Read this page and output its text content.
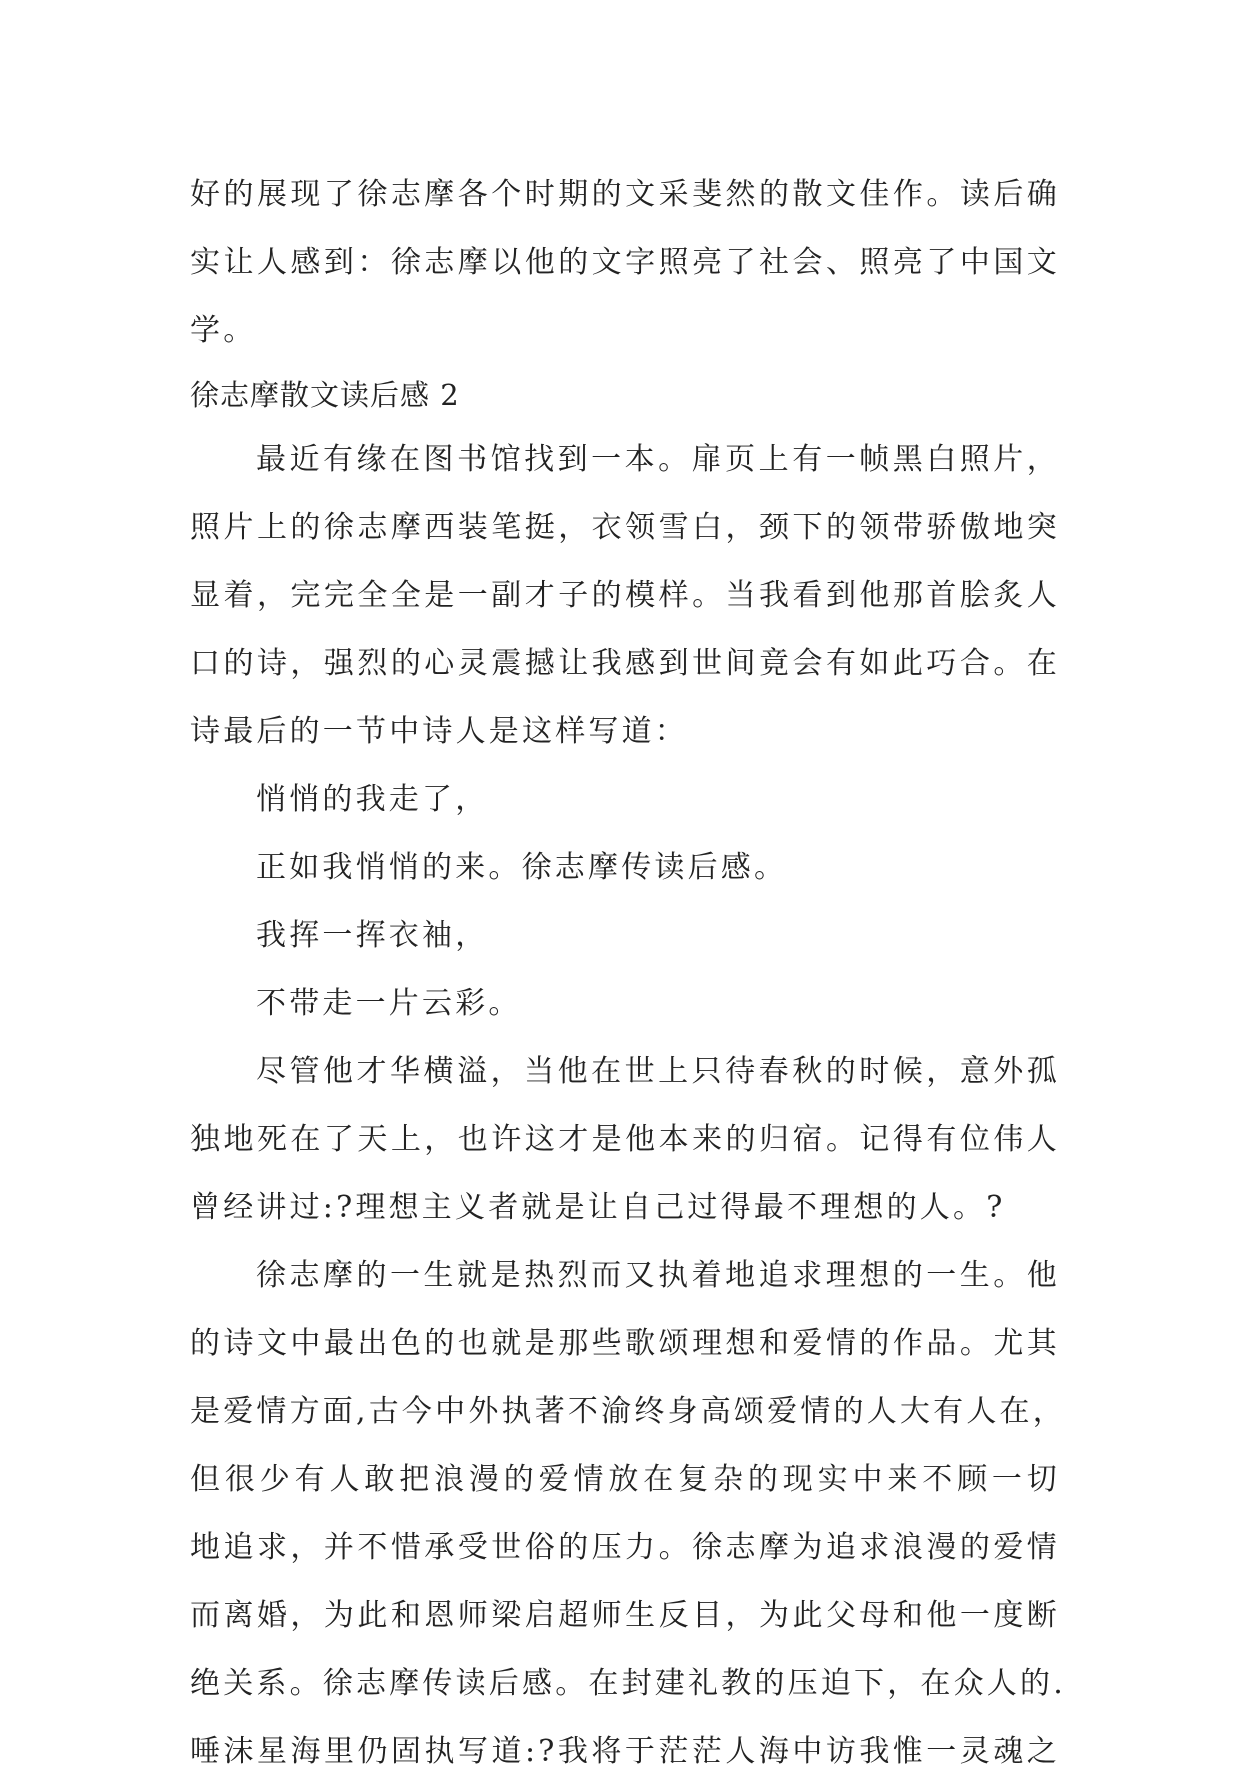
好的展现了徐志摩各个时期的文采斐然的散文佳作。读后确
实让人感到：徐志摩以他的文字照亮了社会、照亮了中国文
学。
徐志摩散文读后感 2
最近有缘在图书馆找到一本。扉页上有一帧黑白照片，
照片上的徐志摩西装笔挺，衣领雪白，颈下的领带骄傲地突
显着，完完全全是一副才子的模样。当我看到他那首脍炙人
口的诗，强烈的心灵震撼让我感到世间竟会有如此巧合。在
诗最后的一节中诗人是这样写道：
悄悄的我走了，
正如我悄悄的来。徐志摩传读后感。
我挥一挥衣袖，
不带走一片云彩。
尽管他才华横溢，当他在世上只待春秋的时候，意外孤
独地死在了天上，也许这才是他本来的归宿。记得有位伟人
曾经讲过:?理想主义者就是让自己过得最不理想的人。?
徐志摩的一生就是热烈而又执着地追求理想的一生。他
的诗文中最出色的也就是那些歌颂理想和爱情的作品。尤其
是爱情方面,古今中外执著不渝终身高颂爱情的人大有人在，
但很少有人敢把浪漫的爱情放在复杂的现实中来不顾一切
地追求，并不惜承受世俗的压力。徐志摩为追求浪漫的爱情
而离婚，为此和恩师梁启超师生反目，为此父母和他一度断
绝关系。徐志摩传读后感。在封建礼教的压迫下，在众人的.
唾沫星海里仍固执写道:?我将于茫茫人海中访我惟一灵魂之
